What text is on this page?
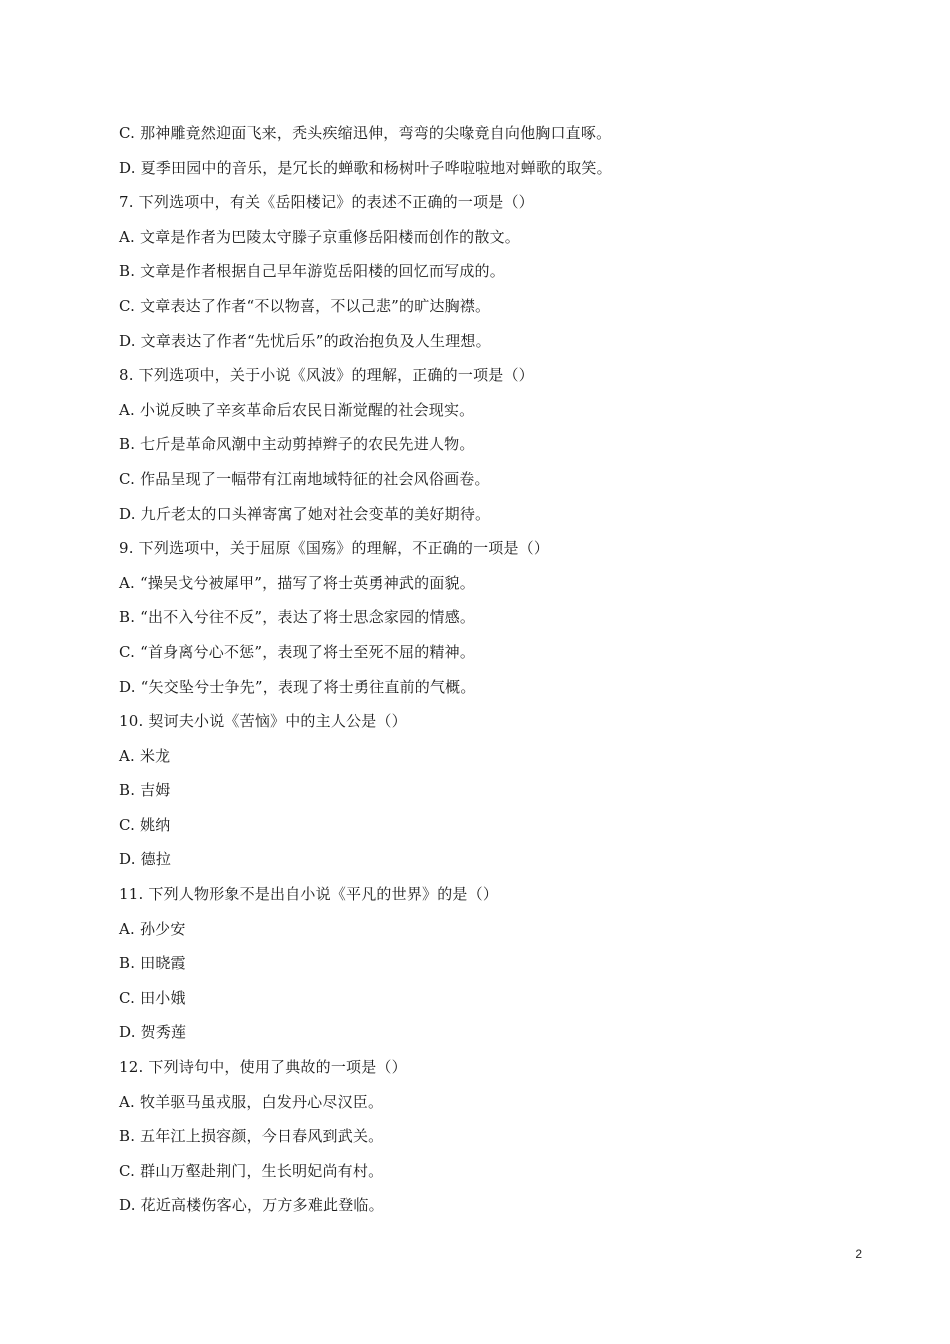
C. 那神雕竟然迎面飞来，秃头疾缩迅伸，弯弯的尖喙竟自向他胸口直啄。
D. 夏季田园中的音乐，是冗长的蝉歌和杨树叶子哗啦啦地对蝉歌的取笑。
7. 下列选项中，有关《岳阳楼记》的表述不正确的一项是（）
A. 文章是作者为巴陵太守滕子京重修岳阳楼而创作的散文。
B. 文章是作者根据自己早年游览岳阳楼的回忆而写成的。
C. 文章表达了作者“不以物喜，不以己悲”的旷达胸襟。
D. 文章表达了作者“先忧后乐”的政治抱负及人生理想。
8. 下列选项中，关于小说《风波》的理解，正确的一项是（）
A. 小说反映了辛亥革命后农民日渐觉醒的社会现实。
B. 七斤是革命风潮中主动剪掉辫子的农民先进人物。
C. 作品呈现了一幅带有江南地域特征的社会风俗画卷。
D. 九斤老太的口头禅寄寓了她对社会变革的美好期待。
9. 下列选项中，关于屈原《国殇》的理解，不正确的一项是（）
A. “操吴戈兮被犀甲”，描写了将士英勇神武的面貌。
B. “出不入兮往不反”，表达了将士思念家园的情感。
C. “首身离兮心不惩”，表现了将士至死不屈的精神。
D. “矢交坠兮士争先”，表现了将士勇往直前的气概。
10. 契诃夫小说《苦恼》中的主人公是（）
A. 米龙
B. 吉姆
C. 姚纳
D. 德拉
11. 下列人物形象不是出自小说《平凡的世界》的是（）
A. 孙少安
B. 田晓霞
C. 田小娥
D. 贺秀莲
12. 下列诗句中，使用了典故的一项是（）
A. 牧羊驱马虽戎服，白发丹心尽汉臣。
B. 五年江上损容颜，今日春风到武关。
C. 群山万壑赴荆门，生长明妃尚有村。
D. 花近高楼伤客心，万方多难此登临。
2
